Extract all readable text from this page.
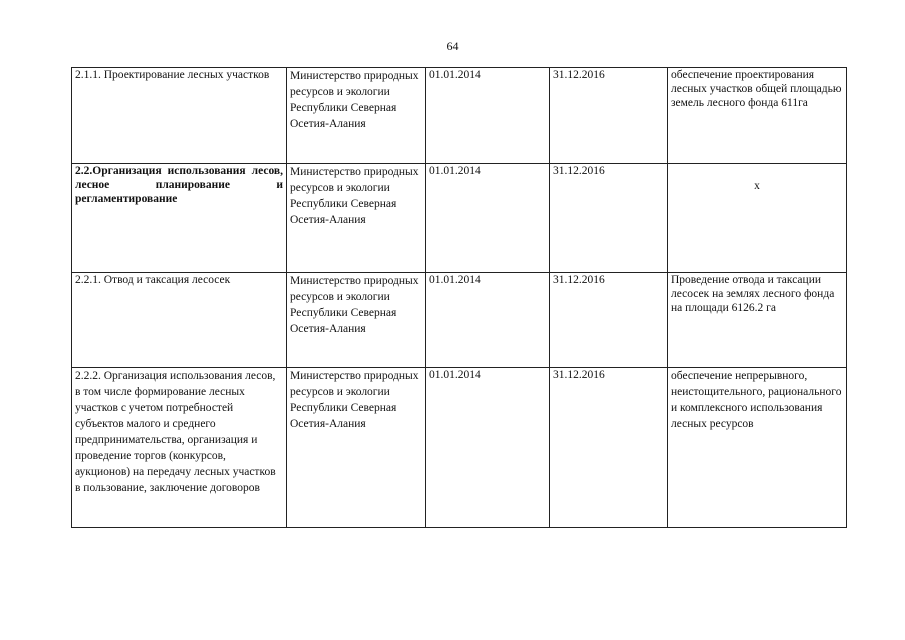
64
2.1.1. Проектирование лесных участков	Министерство природных ресурсов и экологии Республики Северная Осетия-Алания	01.01.2014	31.12.2016	обеспечение проектирования лесных участков общей площадью земель лесного фонда 611га
2.2.Организация использования лесов, лесное планирование и регламентирование	Министерство природных ресурсов и экологии Республики Северная Осетия-Алания	01.01.2014	31.12.2016	x
2.2.1. Отвод и таксация лесосек	Министерство природных ресурсов и экологии Республики Северная Осетия-Алания	01.01.2014	31.12.2016	Проведение отвода и таксации лесосек на землях лесного фонда на площади 6126.2 га
2.2.2. Организация использования лесов, в том числе формирование лесных участков с учетом потребностей субъектов малого и среднего предпринимательства, организация и проведение торгов (конкурсов, аукционов) на передачу лесных участков в пользование, заключение договоров	Министерство природных ресурсов и экологии Республики Северная Осетия-Алания	01.01.2014	31.12.2016	обеспечение непрерывного, неистощительного, рационального и комплексного использования лесных ресурсов
